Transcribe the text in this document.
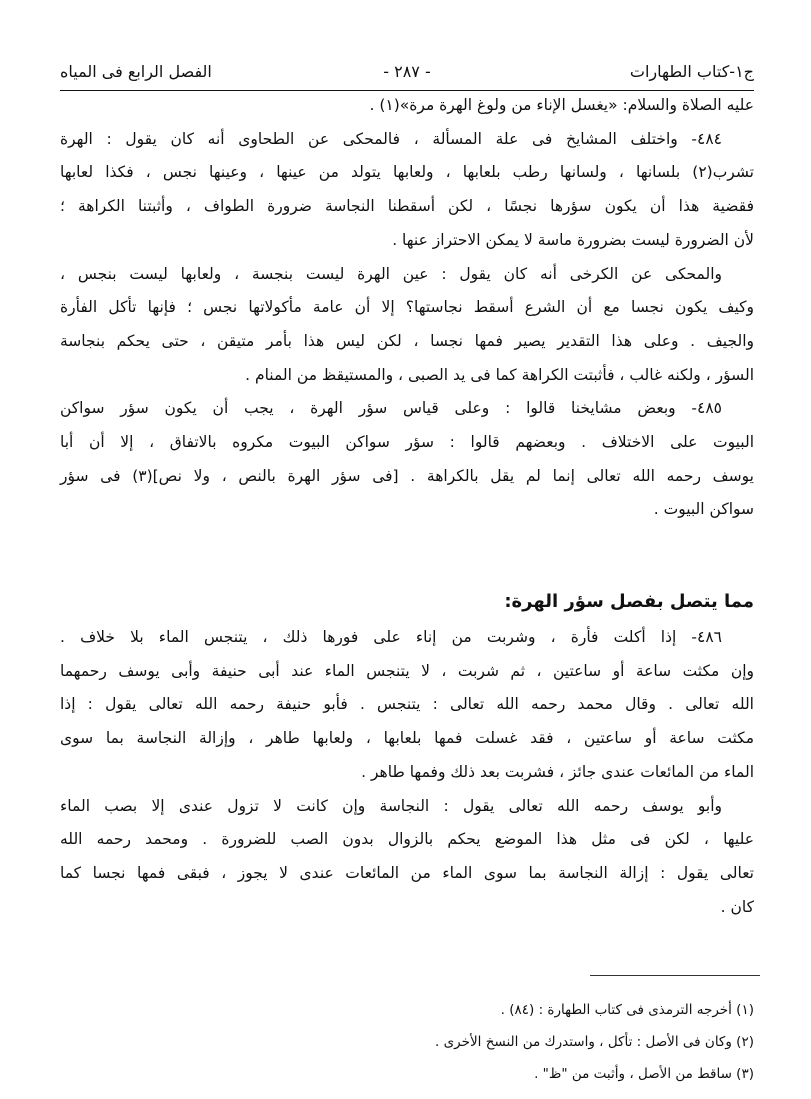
ج١-كتاب الطهارات
- ٢٨٧ -
الفصل الرابع فى المياه
عليه الصلاة والسلام: «يغسل الإناء من ولوغ الهرة مرة»(١) .
٤٨٤- واختلف المشايخ فى علة المسألة ، فالمحكى عن الطحاوى أنه كان يقول : الهرة
تشرب(٢) بلسانها ، ولسانها رطب بلعابها ، ولعابها يتولد من عينها ، وعينها نجس ، فكذا لعابها
فقضية هذا أن يكون سؤرها نجسًا ، لكن أسقطنا النجاسة ضرورة الطواف ، وأثبتنا الكراهة ؛
لأن الضرورة ليست بضرورة ماسة لا يمكن الاحتراز عنها .
والمحكى عن الكرخى أنه كان يقول : عين الهرة ليست بنجسة ، ولعابها ليست بنجس ،
وكيف يكون نجسا مع أن الشرع أسقط نجاستها؟ إلا أن عامة مأكولاتها نجس ؛ فإنها تأكل الفأرة
والجيف . وعلى هذا التقدير يصير فمها نجسا ، لكن ليس هذا بأمر متيقن ، حتى يحكم بنجاسة
السؤر ، ولكنه غالب ، فأثبتت الكراهة كما فى يد الصبى ، والمستيقظ من المنام .
٤٨٥- وبعض مشايخنا قالوا : وعلى قياس سؤر الهرة ، يجب أن يكون سؤر سواكن
البيوت على الاختلاف . وبعضهم قالوا : سؤر سواكن البيوت مكروه بالاتفاق ، إلا أن أبا
يوسف رحمه الله تعالى إنما لم يقل بالكراهة . [فى سؤر الهرة بالنص ، ولا نص](٣) فى سؤر
سواكن البيوت .
مما يتصل بفصل سؤر الهرة:
٤٨٦- إذا أكلت فأرة ، وشربت من إناء على فورها ذلك ، يتنجس الماء بلا خلاف .
وإن مكثت ساعة أو ساعتين ، ثم شربت ، لا يتنجس الماء عند أبى حنيفة وأبى يوسف رحمهما
الله تعالى . وقال محمد رحمه الله تعالى : يتنجس . فأبو حنيفة رحمه الله تعالى يقول : إذا
مكثت ساعة أو ساعتين ، فقد غسلت فمها بلعابها ، ولعابها طاهر ، وإزالة النجاسة بما سوى
الماء من المائعات عندى جائز ، فشربت بعد ذلك وفمها طاهر .
وأبو يوسف رحمه الله تعالى يقول : النجاسة وإن كانت لا تزول عندى إلا بصب الماء
عليها ، لكن فى مثل هذا الموضع يحكم بالزوال بدون الصب للضرورة . ومحمد رحمه الله
تعالى يقول : إزالة النجاسة بما سوى الماء من المائعات عندى لا يجوز ، فبقى فمها نجسا كما
كان .
(١) أخرجه الترمذى فى كتاب الطهارة : (٨٤) .
(٢) وكان فى الأصل : تأكل ، واستدرك من النسخ الأخرى .
(٣) ساقط من الأصل ، وأثبت من "ظ" .
